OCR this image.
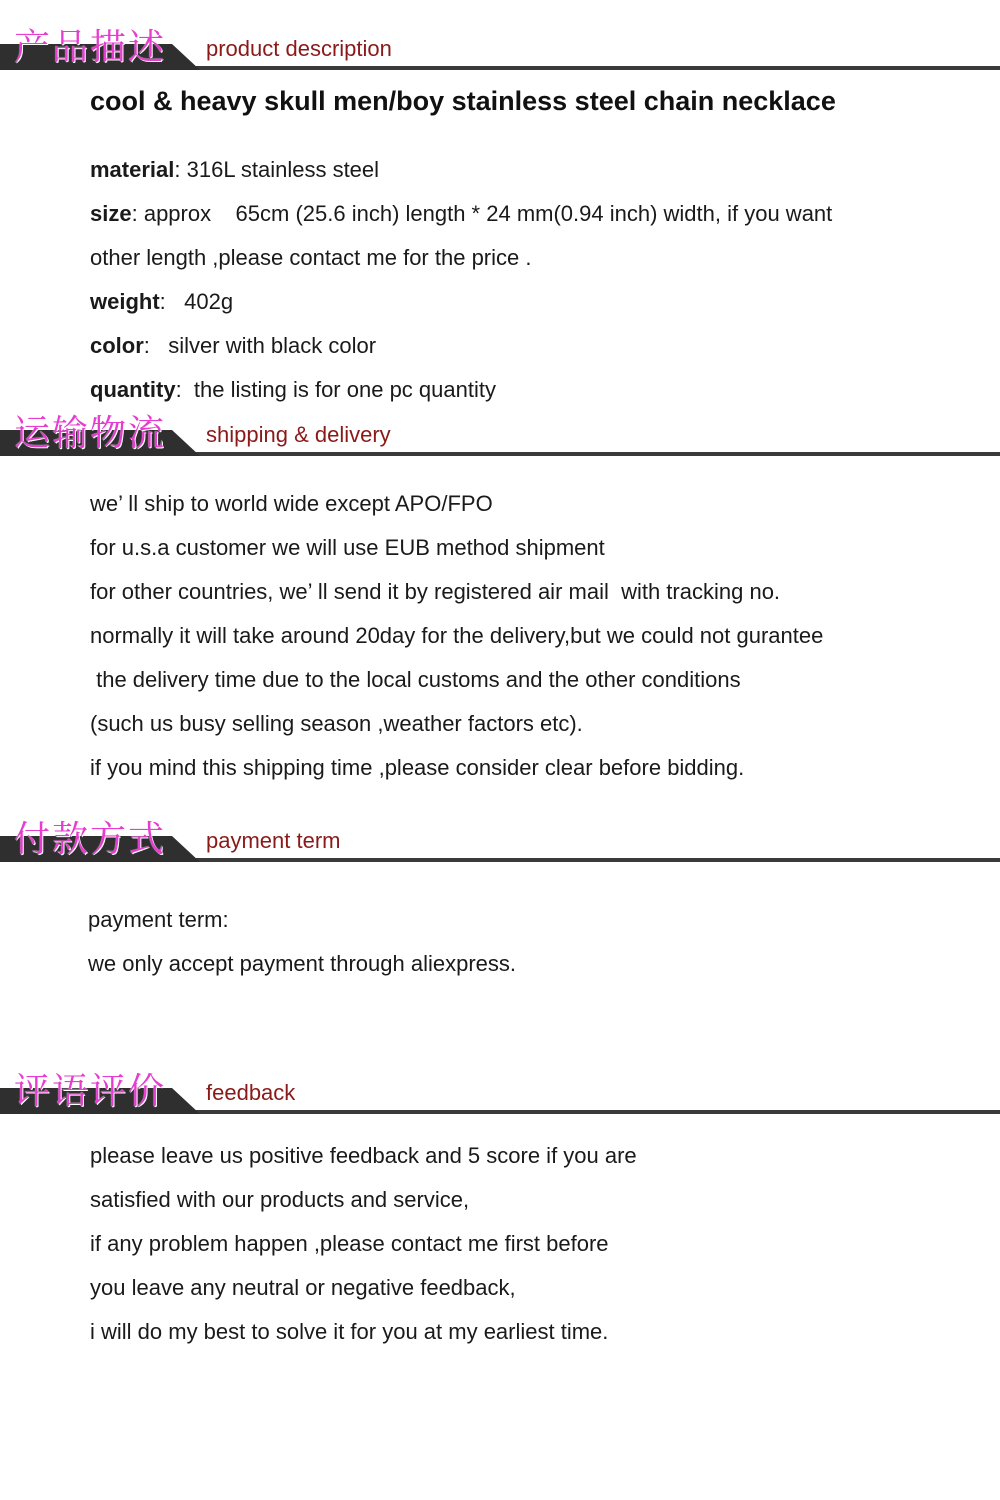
产品描述 product description
cool & heavy skull men/boy stainless steel chain necklace
material: 316L stainless steel
size: approx    65cm (25.6 inch) length * 24 mm(0.94 inch) width, if you want
other length ,please contact me for the price .
weight:   402g
color:   silver with black color
quantity:  the listing is for one pc quantity
运输物流 shipping & delivery
we’ ll ship to world wide except APO/FPO
for u.s.a customer we will use EUB method shipment
for other countries, we’ ll send it by registered air mail  with tracking no.
normally it will take around 20day for the delivery,but we could not gurantee
the delivery time due to the local customs and the other conditions
(such us busy selling season ,weather factors etc).
if you mind this shipping time ,please consider clear before bidding.
付款方式 payment term
payment term:
we only accept payment through aliexpress.
评语评价 feedback
please leave us positive feedback and 5 score if you are
satisfied with our products and service,
if any problem happen ,please contact me first before
you leave any neutral or negative feedback,
i will do my best to solve it for you at my earliest time.
